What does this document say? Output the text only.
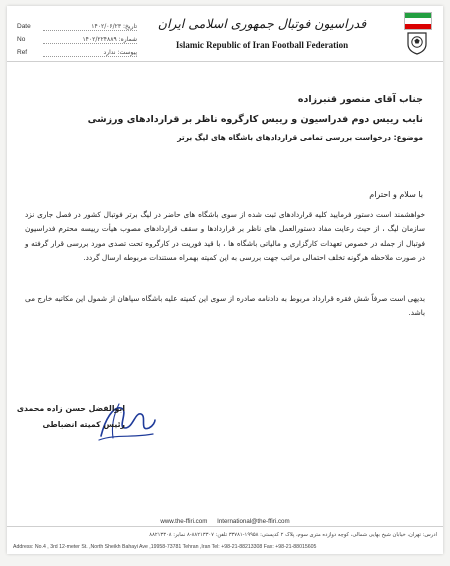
Date	تاریخ: ۱۴۰۲/۰۶/۲۳
No	شماره: ۱۴۰۲/۲۲۴۸۸۹
Ref	پیوست: ندارد
فدراسیون فوتبال جمهوری اسلامی ایران
Islamic Republic of Iran Football Federation
جناب آقای منصور قنبرزاده
نایب رییس دوم فدراسیون و رییس کارگروه ناظر بر قراردادهای ورزشی
موضوع: درخواست بررسی تمامی قراردادهای باشگاه های لیگ برتر
با سلام و احترام
خواهشمند است دستور فرمایید کلیه قراردادهای ثبت شده از سوی باشگاه های حاضر در لیگ برتر فوتبال کشور در فصل جاری نزد سازمان لیگ ، از حیث رعایت مفاد دستورالعمل های ناظر بر قراردادها و سقف قراردادهای مصوب هیأت رییسه محترم فدراسیون فوتبال از جمله در خصوص تعهدات کارگزاری و مالیاتی باشگاه ها ، با قید فوریت در کارگروه تحت تصدی مورد بررسی قرار گرفته و در صورت ملاحظه هرگونه تخلف احتمالی مراتب جهت بررسی به این کمیته بهمراه مستندات مربوطه ارسال گردد.
بدیهی است صرفاً شش فقره قرارداد مربوط به دادنامه صادره از سوی این کمیته علیه باشگاه سپاهان از شمول این مکاتبه خارج می باشد.
ابوالفضل حسن زاده محمدی
رئیس کمیته انضباطی
www.the-ffiri.com International@the-ffiri.com
آدرس: تهران، خیابان شیخ بهایی شمالی، کوچه دوازده متری سوم، پلاک ۲ کدپستی: ۱۹۹۵۸-۳۳۷۸۱ تلفن: ۸۸۲۱۳۳۰۷-۸ نمابر: ۸۸۲۱۳۳۰۸
Address: No.4 , 3rd 12-meter St. ,North Sheikh Bahayi Ave ,19958-73781 Tehran ,Iran Tel: +98-21-88213308 Fax: +98-21-88015605
